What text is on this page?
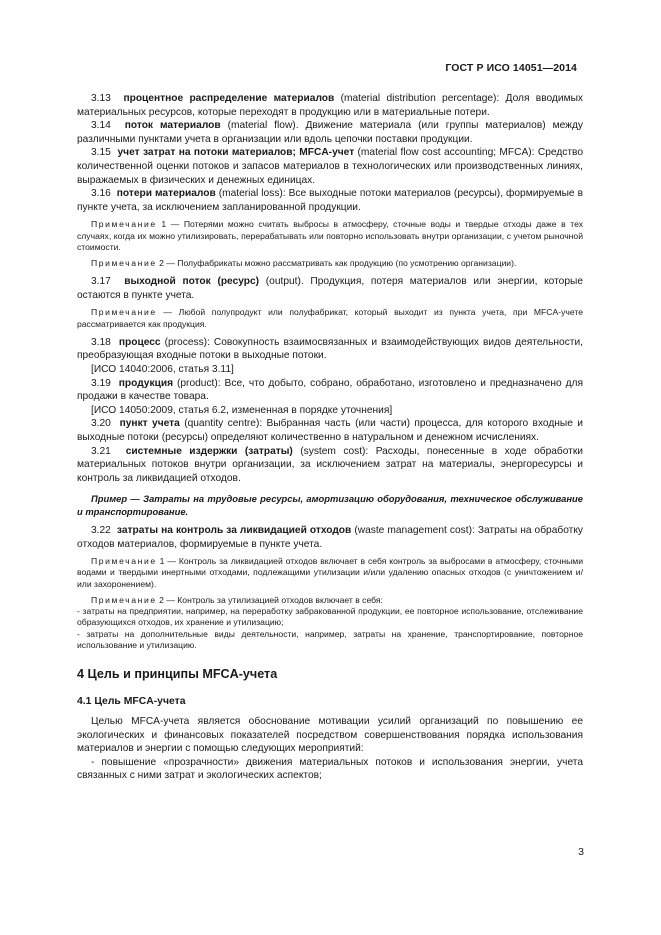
ГОСТ Р ИСО 14051—2014

3.13 процентное распределение материалов (material distribution percentage): Доля вводимых материальных ресурсов, которые переходят в продукцию или в материальные потери.

3.14 поток материалов (material flow). Движение материала (или группы материалов) между различными пунктами учета в организации или вдоль цепочки поставки продукции.

3.15 учет затрат на потоки материалов; MFCA-учет (material flow cost accounting; MFCA): Средство количественной оценки потоков и запасов материалов в технологических или производственных линиях, выражаемых в физических и денежных единицах.

3.16 потери материалов (material loss): Все выходные потоки материалов (ресурсы), формируемые в пункте учета, за исключением запланированной продукции.

Примечание 1 — Потерями можно считать выбросы в атмосферу, сточные воды и твердые отходы даже в тех случаях, когда их можно утилизировать, перерабатывать или повторно использовать внутри организации, с учетом рыночной стоимости.

Примечание 2 — Полуфабрикаты можно рассматривать как продукцию (по усмотрению организации).

3.17 выходной поток (ресурс) (output). Продукция, потеря материалов или энергии, которые остаются в пункте учета.

Примечание — Любой полупродукт или полуфабрикат, который выходит из пункта учета, при MFCA-учете рассматривается как продукция.

3.18 процесс (process): Совокупность взаимосвязанных и взаимодействующих видов деятельности, преобразующая входные потоки в выходные потоки.

[ИСО 14040:2006, статья 3.11]

3.19 продукция (product): Все, что добыто, собрано, обработано, изготовлено и предназначено для продажи в качестве товара.

[ИСО 14050:2009, статья 6.2, измененная в порядке уточнения]

3.20 пункт учета (quantity centre): Выбранная часть (или части) процесса, для которого входные и выходные потоки (ресурсы) определяют количественно в натуральном и денежном исчислениях.

3.21 системные издержки (затраты) (system cost): Расходы, понесенные в ходе обработки материальных потоков внутри организации, за исключением затрат на материалы, энергоресурсы и контроль за ликвидацией отходов.

Пример — Затраты на трудовые ресурсы, амортизацию оборудования, техническое обслуживание и транспортирование.

3.22 затраты на контроль за ликвидацией отходов (waste management cost): Затраты на обработку отходов материалов, формируемые в пункте учета.

Примечание 1 — Контроль за ликвидацией отходов включает в себя контроль за выбросами в атмосферу, сточными водами и твердыми инертными отходами, подлежащими утилизации и/или удалению опасных отходов (с уничтожением и/или захоронением).

Примечание 2 — Контроль за утилизацией отходов включает в себя:

- затраты на предприятии, например, на переработку забракованной продукции, ее повторное использование, отслеживание образующихся отходов, их хранение и утилизацию;

- затраты на дополнительные виды деятельности, например, затраты на хранение, транспортирование, повторное использование и утилизацию.

4 Цель и принципы MFCA-учета
4.1 Цель MFCA-учета

Целью MFCA-учета является обоснование мотивации усилий организаций по повышению ее экологических и финансовых показателей посредством совершенствования порядка использования материалов и энергии с помощью следующих мероприятий:

- повышение «прозрачности» движения материальных потоков и использования энергии, учета связанных с ними затрат и экологических аспектов;

3
